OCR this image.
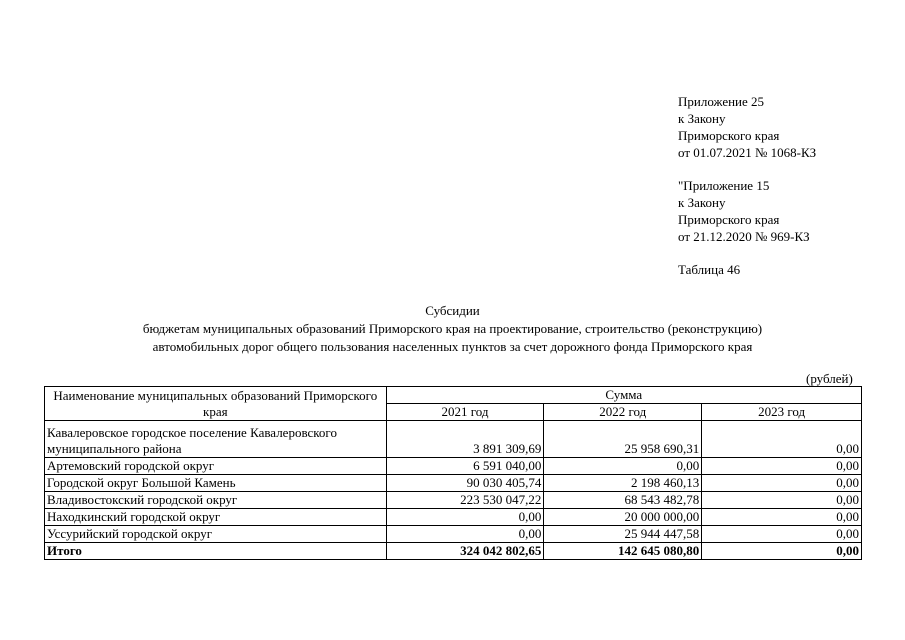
Приложение 25
к Закону
Приморского края
от 01.07.2021 № 1068-КЗ
"Приложение 15
к Закону
Приморского края
от 21.12.2020 № 969-КЗ
Таблица 46
Субсидии
бюджетам муниципальных образований Приморского края на проектирование, строительство (реконструкцию)
автомобильных дорог общего пользования населенных пунктов за счет дорожного фонда Приморского края
(рублей)
Наименование муниципальных образований Приморского края	Сумма		
	2021 год	2022 год	2023 год
Кавалеровское городское поселение Кавалеровского муниципального района	3 891 309,69	25 958 690,31	0,00
Артемовский городской округ	6 591 040,00	0,00	0,00
Городской округ Большой Камень	90 030 405,74	2 198 460,13	0,00
Владивостокский городской округ	223 530 047,22	68 543 482,78	0,00
Находкинский городской округ	0,00	20 000 000,00	0,00
Уссурийский городской округ	0,00	25 944 447,58	0,00
Итого	324 042 802,65	142 645 080,80	0,00
